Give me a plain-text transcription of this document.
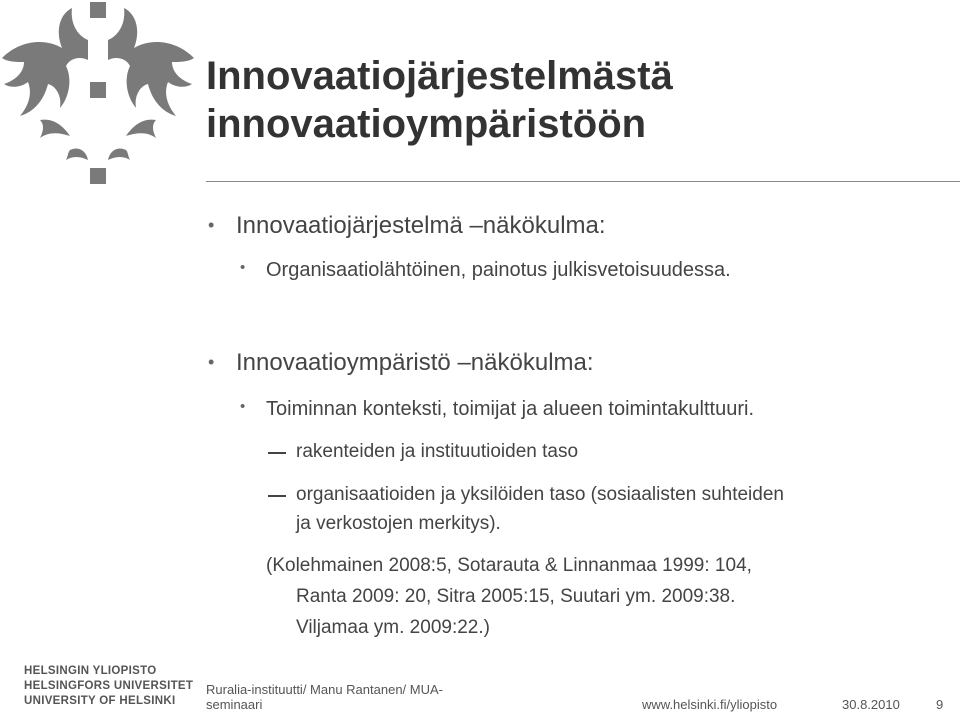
Innovaatiojärjestelmästä
innovaatioympäristöön
• Innovaatiojärjestelmä –näkökulma:
• Organisaatiolähtöinen, painotus julkisvetoisuudessa.
• Innovaatioympäristö –näkökulma:
• Toiminnan konteksti, toimijat ja alueen toimintakulttuuri.
rakenteiden ja instituutioiden taso
organisaatioiden ja yksilöiden taso (sosiaalisten suhteiden
ja verkostojen merkitys).
(Kolehmainen 2008:5, Sotarauta & Linnanmaa 1999: 104,
Ranta 2009: 20, Sitra 2005:15, Suutari ym. 2009:38.
Viljamaa ym. 2009:22.)
HELSINGIN YLIOPISTO
HELSINGFORS UNIVERSITET
UNIVERSITY OF HELSINKI
Ruralia-instituutti/ Manu Rantanen/ MUA-
seminaari	www.helsinki.fi/yliopisto	30.8.2010	9
